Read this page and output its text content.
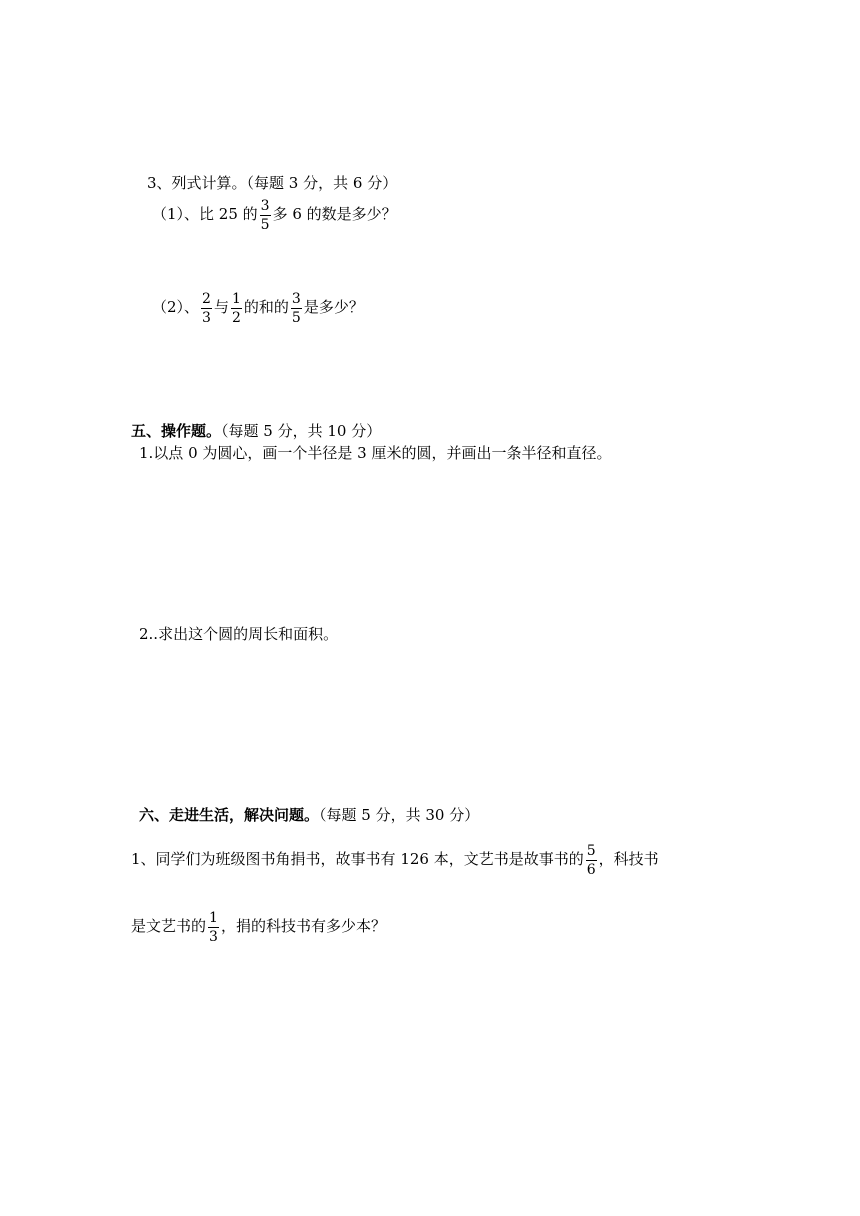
3、列式计算。（每题 3 分，共 6 分）
（1）、比 25 的 $\frac{3}{5}$ 多 6 的数是多少？
（2）、 $\frac{2}{3}$ 与 $\frac{1}{2}$ 的和的 $\frac{3}{5}$ 是多少？
五、操作题。（每题 5 分，共 10 分）
1.以点 0 为圆心，画一个半径是 3 厘米的圆，并画出一条半径和直径。
2..求出这个圆的周长和面积。
六、走进生活，解决问题。（每题 5 分，共 30 分）
1、同学们为班级图书角捐书，故事书有 126 本，文艺书是故事书的 $\frac{5}{6}$ ，科技书
是文艺书的 $\frac{1}{3}$ ，捐的科技书有多少本？
